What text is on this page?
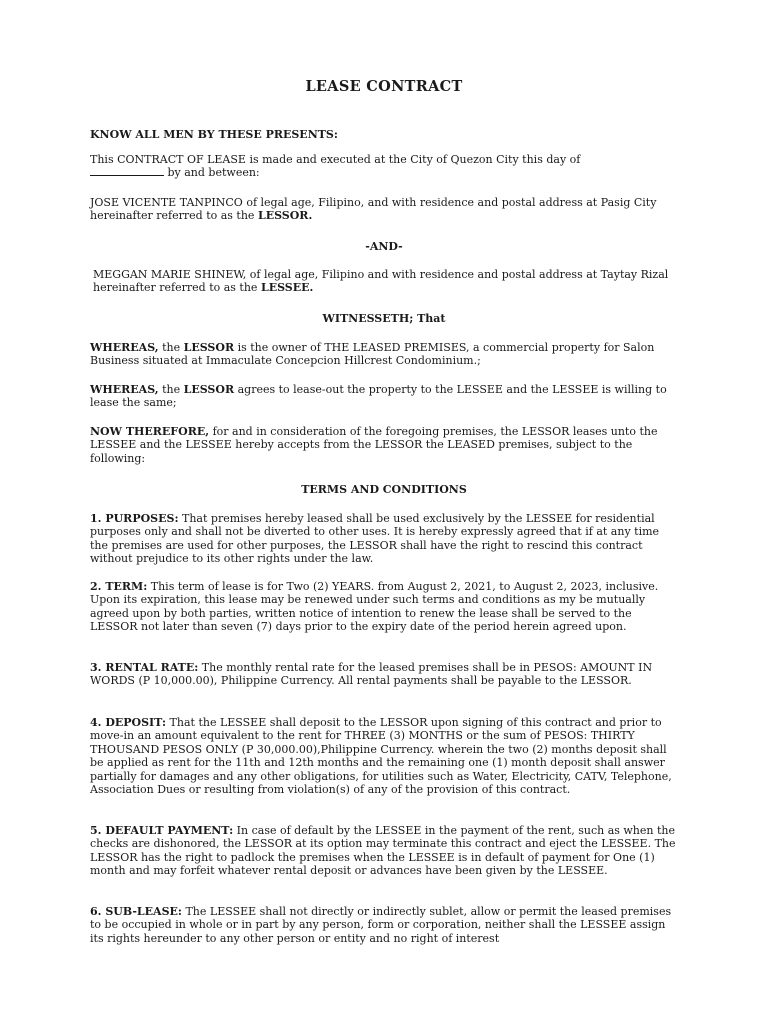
LEASE CONTRACT

KNOW ALL MEN BY THESE PRESENTS:

This CONTRACT OF LEASE is made and executed at the City of Quezon City this day of
by and between:

JOSE VICENTE TANPINCO of legal age, Filipino, and with residence and postal address at Pasig City hereinafter referred to as the LESSOR.

-AND-

MEGGAN MARIE SHINEW, of legal age, Filipino and with residence and postal address at Taytay Rizal hereinafter referred to as the LESSEE.

WITNESSETH; That

WHEREAS, the LESSOR is the owner of THE LEASED PREMISES, a commercial property for Salon Business situated at Immaculate Concepcion Hillcrest Condominium.;

WHEREAS, the LESSOR agrees to lease-out the property to the LESSEE and the LESSEE is willing to lease the same;

NOW THEREFORE, for and in consideration of the foregoing premises, the LESSOR leases unto the LESSEE and the LESSEE hereby accepts from the LESSOR the LEASED premises, subject to the following:

TERMS AND CONDITIONS

1. PURPOSES: That premises hereby leased shall be used exclusively by the LESSEE for residential purposes only and shall not be diverted to other uses. It is hereby expressly agreed that if at any time the premises are used for other purposes, the LESSOR shall have the right to rescind this contract without prejudice to its other rights under the law.

2. TERM: This term of lease is for Two (2) YEARS. from August 2, 2021, to August 2, 2023, inclusive. Upon its expiration, this lease may be renewed under such terms and conditions as my be mutually agreed upon by both parties, written notice of intention to renew the lease shall be served to the LESSOR not later than seven (7) days prior to the expiry date of the period herein agreed upon.

3. RENTAL RATE: The monthly rental rate for the leased premises shall be in PESOS: AMOUNT IN WORDS (P 10,000.00), Philippine Currency. All rental payments shall be payable to the LESSOR.

4. DEPOSIT: That the LESSEE shall deposit to the LESSOR upon signing of this contract and prior to move-in an amount equivalent to the rent for THREE (3) MONTHS or the sum of PESOS: THIRTY THOUSAND PESOS ONLY (P 30,000.00),Philippine Currency. wherein the two (2) months deposit shall be applied as rent for the 11th and 12th months and the remaining one (1) month deposit shall answer partially for damages and any other obligations, for utilities such as Water, Electricity, CATV, Telephone, Association Dues or resulting from violation(s) of any of the provision of this contract.

5. DEFAULT PAYMENT: In case of default by the LESSEE in the payment of the rent, such as when the checks are dishonored, the LESSOR at its option may terminate this contract and eject the LESSEE. The LESSOR has the right to padlock the premises when the LESSEE is in default of payment for One (1) month and may forfeit whatever rental deposit or advances have been given by the LESSEE.

6. SUB-LEASE: The LESSEE shall not directly or indirectly sublet, allow or permit the leased premises to be occupied in whole or in part by any person, form or corporation, neither shall the LESSEE assign its rights hereunder to any other person or entity and no right of interest
